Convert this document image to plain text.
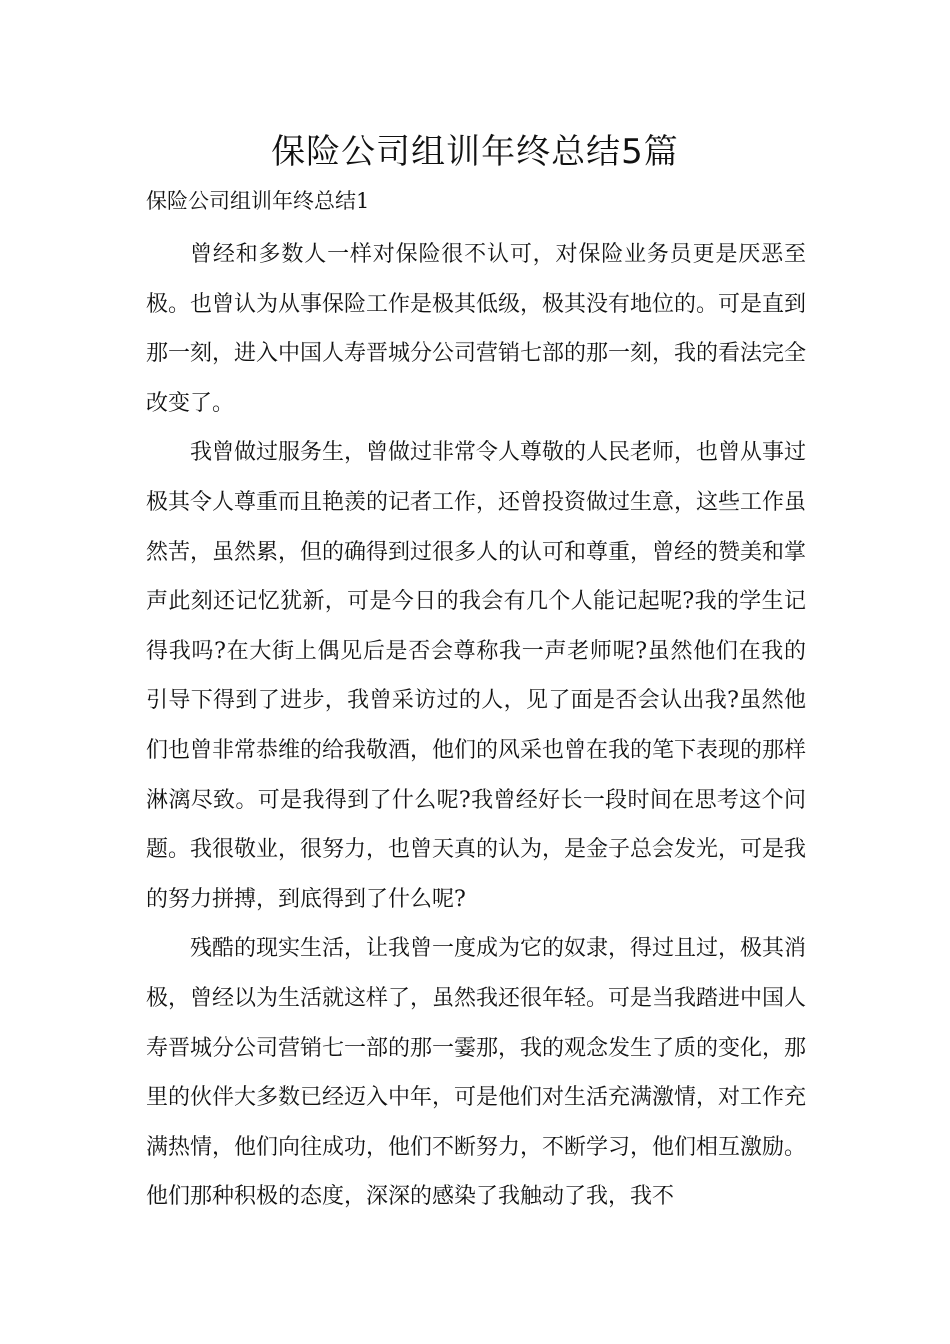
保险公司组训年终总结5篇
保险公司组训年终总结1

曾经和多数人一样对保险很不认可，对保险业务员更是厌恶至极。也曾认为从事保险工作是极其低级，极其没有地位的。可是直到那一刻，进入中国人寿晋城分公司营销七部的那一刻，我的看法完全改变了。

我曾做过服务生，曾做过非常令人尊敬的人民老师，也曾从事过极其令人尊重而且艳羡的记者工作，还曾投资做过生意，这些工作虽然苦，虽然累，但的确得到过很多人的认可和尊重，曾经的赞美和掌声此刻还记忆犹新，可是今日的我会有几个人能记起呢?我的学生记得我吗?在大街上偶见后是否会尊称我一声老师呢?虽然他们在我的引导下得到了进步，我曾采访过的人，见了面是否会认出我?虽然他们也曾非常恭维的给我敬酒，他们的风采也曾在我的笔下表现的那样淋漓尽致。可是我得到了什么呢?我曾经好长一段时间在思考这个问题。我很敬业，很努力，也曾天真的认为，是金子总会发光，可是我的努力拼搏，到底得到了什么呢?

残酷的现实生活，让我曾一度成为它的奴隶，得过且过，极其消极，曾经以为生活就这样了，虽然我还很年轻。可是当我踏进中国人寿晋城分公司营销七一部的那一霎那，我的观念发生了质的变化，那里的伙伴大多数已经迈入中年，可是他们对生活充满激情，对工作充满热情，他们向往成功，他们不断努力，不断学习，他们相互激励。他们那种积极的态度，深深的感染了我触动了我，我不
